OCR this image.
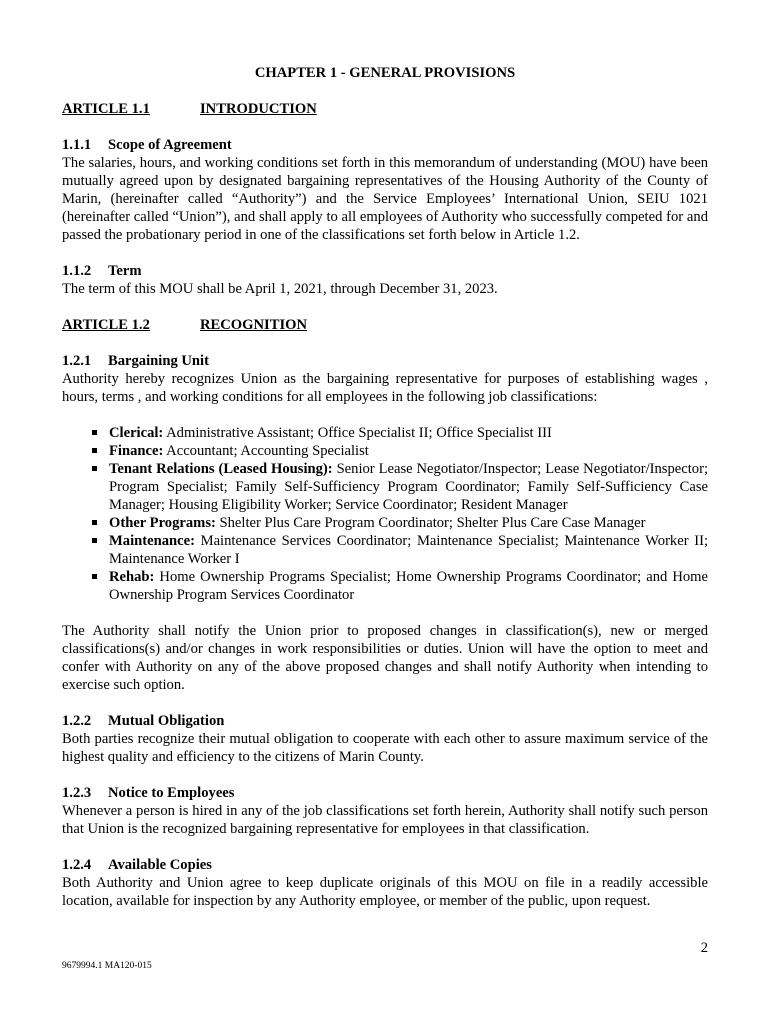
CHAPTER 1 - GENERAL PROVISIONS
ARTICLE 1.1	INTRODUCTION
1.1.1	Scope of Agreement

The salaries, hours, and working conditions set forth in this memorandum of understanding (MOU) have been mutually agreed upon by designated bargaining representatives of the Housing Authority of the County of Marin, (hereinafter called “Authority”) and the Service Employees’ International Union, SEIU 1021 (hereinafter called “Union”), and shall apply to all employees of Authority who successfully competed for and passed the probationary period in one of the classifications set forth below in Article 1.2.

1.1.2	Term

The term of this MOU shall be April 1, 2021, through December 31, 2023.

ARTICLE 1.2	RECOGNITION
1.2.1	Bargaining Unit

Authority hereby recognizes Union as the bargaining representative for purposes of establishing wages , hours, terms , and working conditions for all employees in the following job classifications:

Clerical: Administrative Assistant; Office Specialist II; Office Specialist III
Finance: Accountant; Accounting Specialist
Tenant Relations (Leased Housing): Senior Lease Negotiator/Inspector; Lease Negotiator/Inspector; Program Specialist; Family Self-Sufficiency Program Coordinator; Family Self-Sufficiency Case Manager; Housing Eligibility Worker; Service Coordinator; Resident Manager
Other Programs: Shelter Plus Care Program Coordinator; Shelter Plus Care Case Manager
Maintenance: Maintenance Services Coordinator; Maintenance Specialist; Maintenance Worker II; Maintenance Worker I
Rehab: Home Ownership Programs Specialist; Home Ownership Programs Coordinator; and Home Ownership Program Services Coordinator

The Authority shall notify the Union prior to proposed changes in classification(s), new or merged classifications(s) and/or changes in work responsibilities or duties. Union will have the option to meet and confer with Authority on any of the above proposed changes and shall notify Authority when intending to exercise such option.

1.2.2	Mutual Obligation

Both parties recognize their mutual obligation to cooperate with each other to assure maximum service of the highest quality and efficiency to the citizens of Marin County.

1.2.3	Notice to Employees

Whenever a person is hired in any of the job classifications set forth herein, Authority shall notify such person that Union is the recognized bargaining representative for employees in that classification.

1.2.4	Available Copies

Both Authority and Union agree to keep duplicate originals of this MOU on file in a readily accessible location, available for inspection by any Authority employee, or member of the public, upon request.

2
9679994.1 MA120-015
